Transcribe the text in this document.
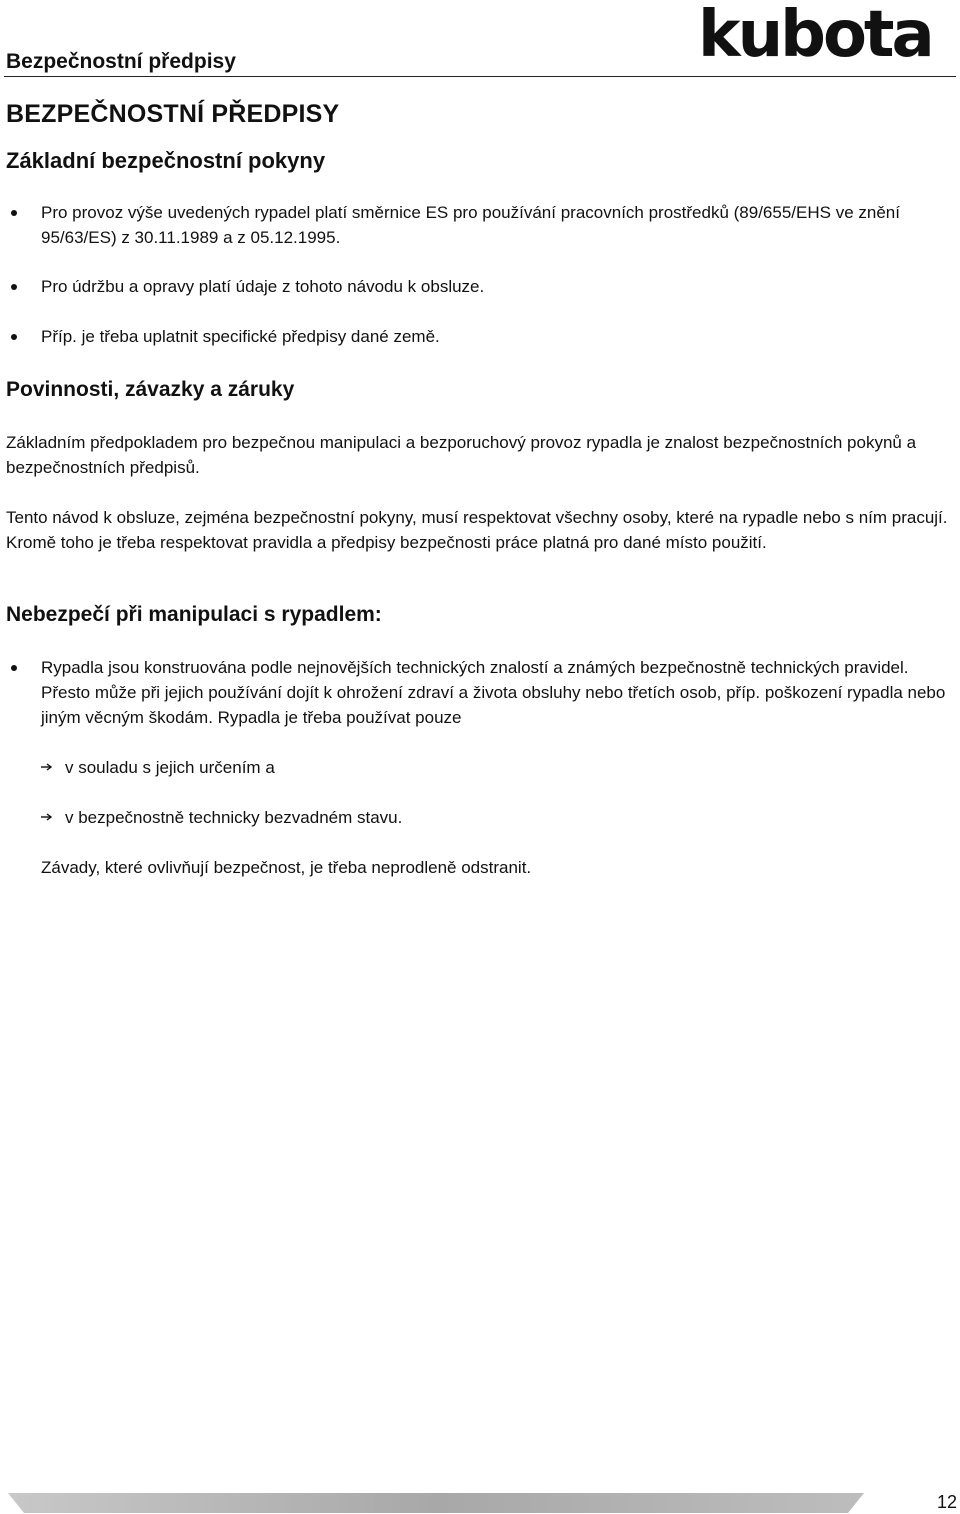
Bezpečnostní předpisy	kubota
BEZPEČNOSTNÍ PŘEDPISY
Základní bezpečnostní pokyny
Pro provoz výše uvedených rypadel platí směrnice ES pro používání pracovních prostředků (89/655/EHS ve znění 95/63/ES) z 30.11.1989 a z 05.12.1995.
Pro údržbu a opravy platí údaje z tohoto návodu k obsluze.
Příp. je třeba uplatnit specifické předpisy dané země.
Povinnosti, závazky a záruky
Základním předpokladem pro bezpečnou manipulaci a bezporuchový provoz rypadla je znalost bezpečnostních pokynů a bezpečnostních předpisů.
Tento návod k obsluze, zejména bezpečnostní pokyny, musí respektovat všechny osoby, které na rypadle nebo s ním pracují. Kromě toho je třeba respektovat pravidla a předpisy bezpečnosti práce platná pro dané místo použití.
Nebezpečí při manipulaci s rypadlem:
Rypadla jsou konstruována podle nejnovějších technických znalostí a známých bezpečnostně technických pravidel. Přesto může při jejich používání dojít k ohrožení zdraví a života obsluhy nebo třetích osob, příp. poškození rypadla nebo jiným věcným škodám. Rypadla je třeba používat pouze
v souladu s jejich určením a
v bezpečnostně technicky bezvadném stavu.
Závady, které ovlivňují bezpečnost, je třeba neprodleně odstranit.
12
